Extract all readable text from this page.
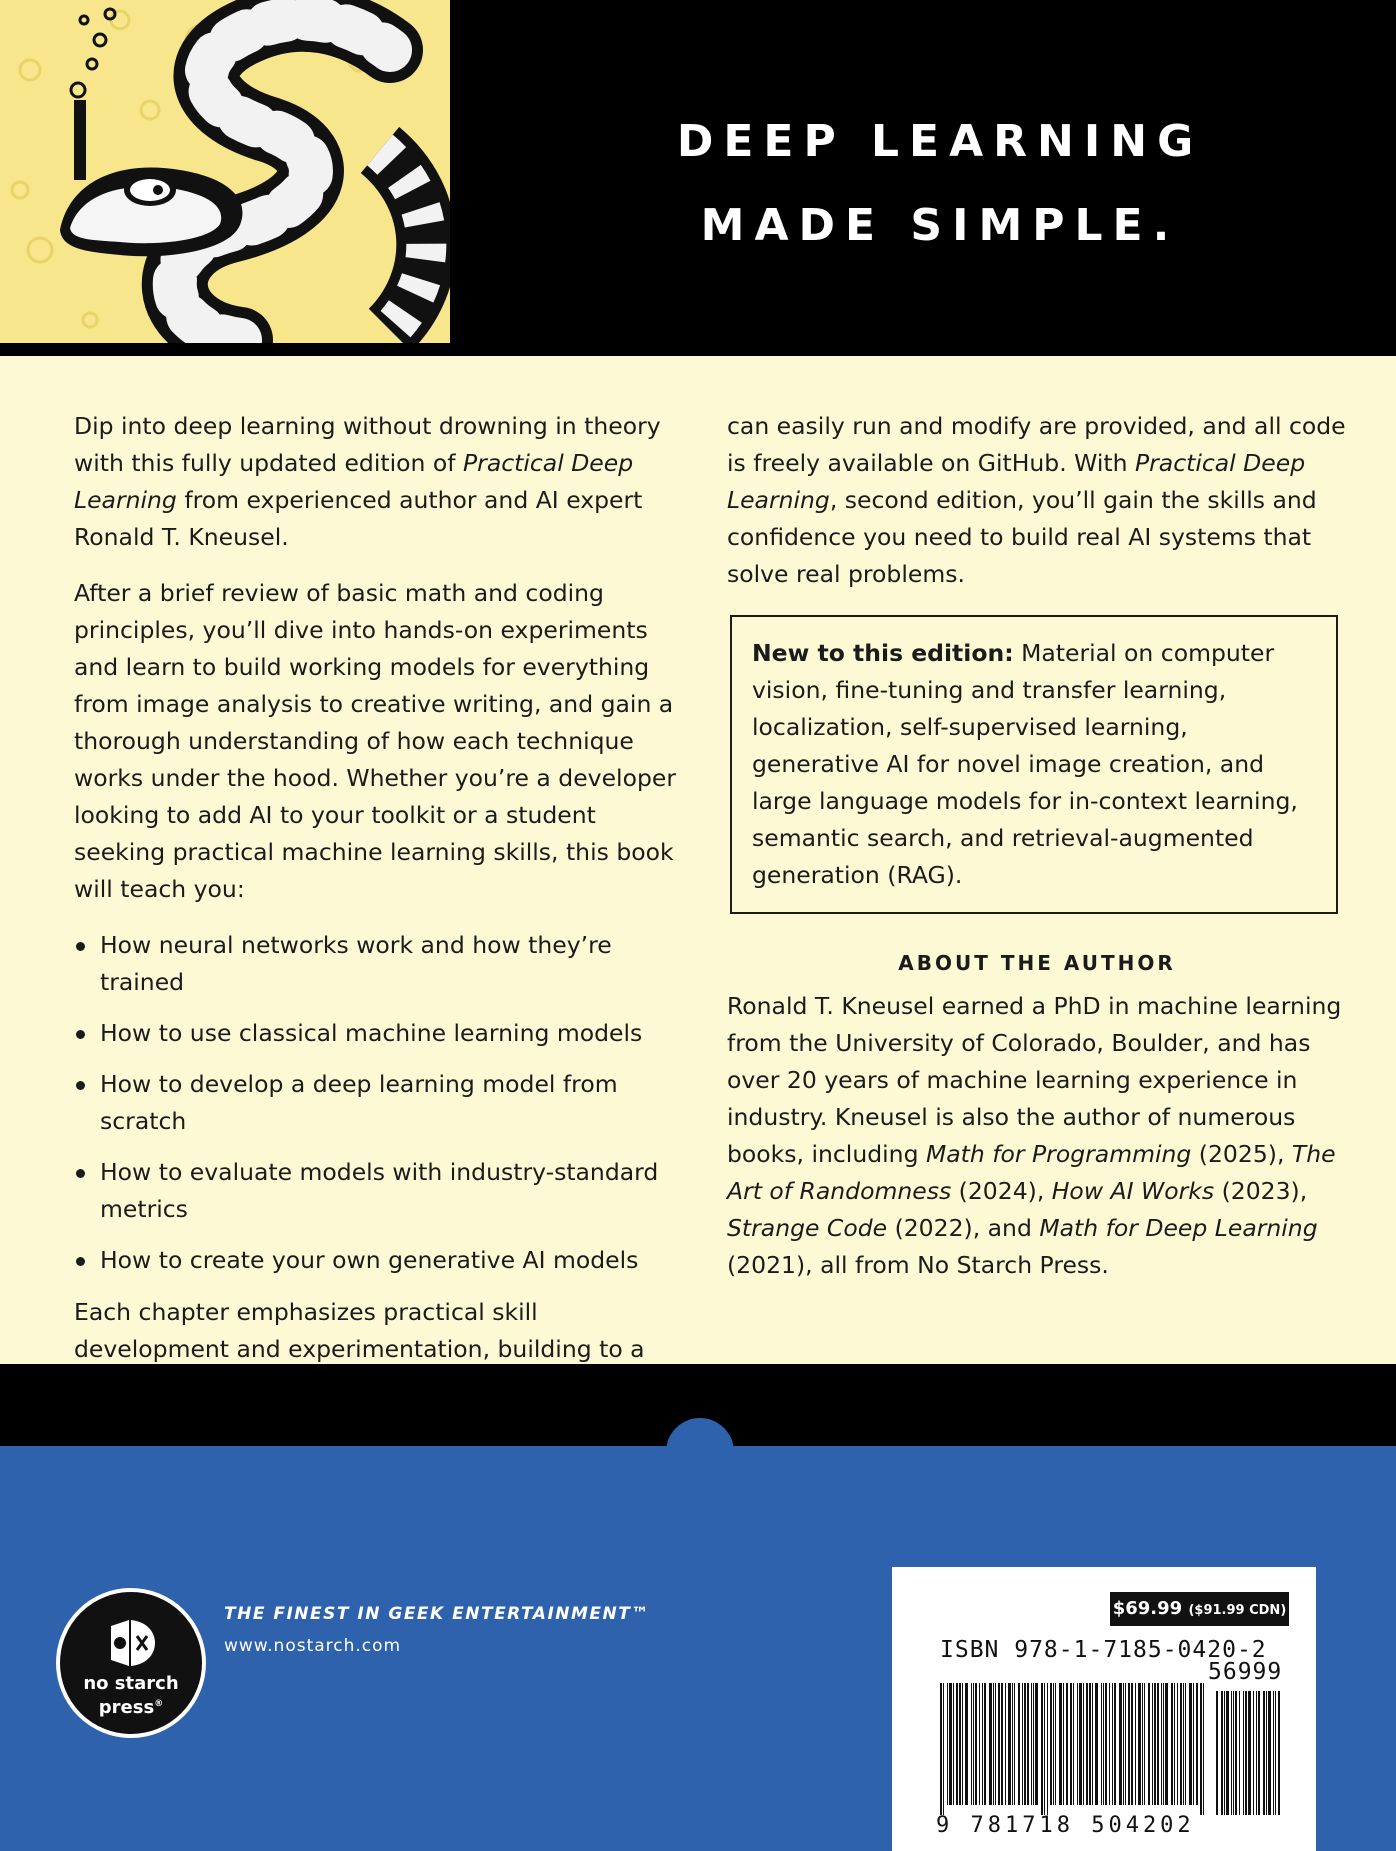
DEEP LEARNING
MADE SIMPLE.

Dip into deep learning without drowning in theory with this fully updated edition of Practical Deep Learning from experienced author and AI expert Ronald T. Kneusel.

After a brief review of basic math and coding principles, you’ll dive into hands-on experiments and learn to build working models for everything from image analysis to creative writing, and gain a thorough understanding of how each technique works under the hood. Whether you’re a developer looking to add AI to your toolkit or a student seeking practical machine learning skills, this book will teach you:

How neural networks work and how they’re trained
How to use classical machine learning models
How to develop a deep learning model from scratch
How to evaluate models with industry-standard metrics
How to create your own generative AI models

Each chapter emphasizes practical skill development and experimentation, building to a

can easily run and modify are provided, and all code is freely available on GitHub. With Practical Deep Learning, second edition, you’ll gain the skills and confidence you need to build real AI systems that solve real problems.

New to this edition: Material on computer vision, fine-tuning and transfer learning, localization, self-supervised learning, generative AI for novel image creation, and large language models for in-context learning, semantic search, and retrieval-augmented generation (RAG).
ABOUT THE AUTHOR

Ronald T. Kneusel earned a PhD in machine learning from the University of Colorado, Boulder, and has over 20 years of machine learning experience in industry. Kneusel is also the author of numerous books, including Math for Programming (2025), The Art of Randomness (2024), How AI Works (2023), Strange Code (2022), and Math for Deep Learning (2021), all from No Starch Press.

no starch
press®
THE FINEST IN GEEK ENTERTAINMENT™
www.nostarch.com
$69.99 ($91.99 CDN)
ISBN 978-1-7185-0420-2
56999
9 781718 504202
